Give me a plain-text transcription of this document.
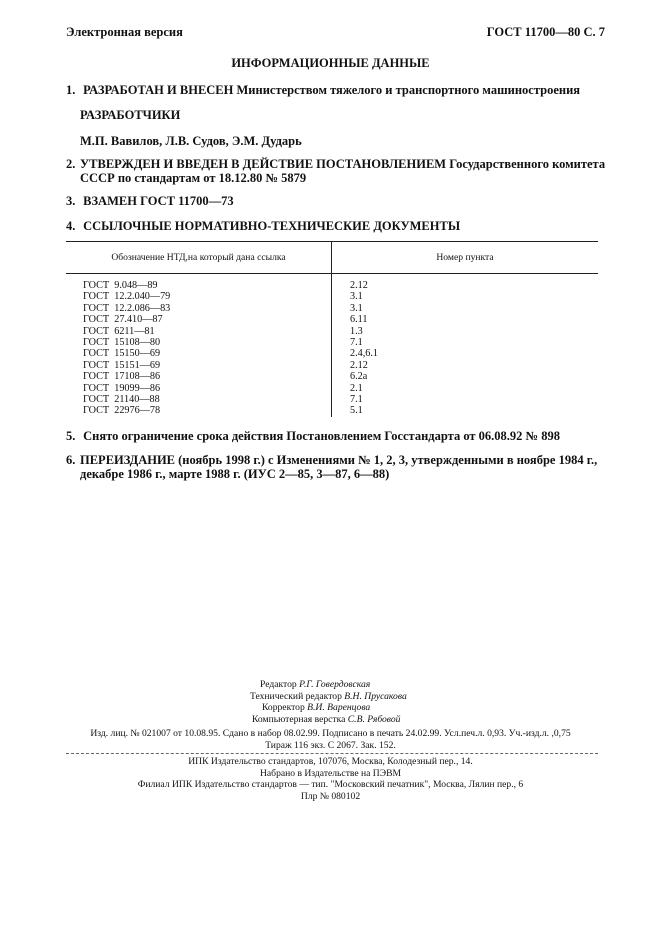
Электронная версия	ГОСТ 11700—80 С. 7
ИНФОРМАЦИОННЫЕ ДАННЫЕ
1. РАЗРАБОТАН И ВНЕСЕН Министерством тяжелого и транспортного машиностроения
РАЗРАБОТЧИКИ
М.П. Вавилов, Л.В. Судов, Э.М. Дударь
2. УТВЕРЖДЕН И ВВЕДЕН В ДЕЙСТВИЕ ПОСТАНОВЛЕНИЕМ Государственного комитета
СССР по стандартам от 18.12.80 № 5879
3. ВЗАМЕН ГОСТ 11700—73
4. ССЫЛОЧНЫЕ НОРМАТИВНО-ТЕХНИЧЕСКИЕ ДОКУМЕНТЫ
Обозначение НТД,на который дана ссылка	Номер пункта
ГОСТ  9.048—89	2.12
ГОСТ  12.2.040—79	3.1
ГОСТ  12.2.086—83	3.1
ГОСТ  27.410—87	6.11
ГОСТ  6211—81	1.3
ГОСТ  15108—80	7.1
ГОСТ  15150—69	2.4,6.1
ГОСТ  15151—69	2.12
ГОСТ  17108—86	6.2а
ГОСТ  19099—86	2.1
ГОСТ  21140—88	7.1
ГОСТ  22976—78	5.1
5. Снято ограничение срока действия Постановлением Госстандарта от 06.08.92 № 898
6. ПЕРЕИЗДАНИЕ (ноябрь 1998 г.) с Изменениями № 1, 2, 3, утвержденными в ноябре 1984 г.,
декабре 1986 г., марте 1988 г. (ИУС 2—85, 3—87, 6—88)
Редактор Р.Г. Говердовская
Технический редактор В.Н. Прусакова
Корректор В.И. Варенцова
Компьютерная верстка С.В. Рябовой
Изд. лиц. № 021007 от 10.08.95. Сдано в набор 08.02.99. Подписано в печать 24.02.99. Усл.печ.л. 0,93. Уч.-изд.л. ,0,75
Тираж 116 экз. С 2067. Зак. 152.
ИПК Издательство стандартов, 107076, Москва, Колодезный пер., 14.
Набрано в Издательстве на ПЭВМ
Филиал ИПК Издательство стандартов — тип. "Московский печатник", Москва, Лялин пер., 6
Плр № 080102
